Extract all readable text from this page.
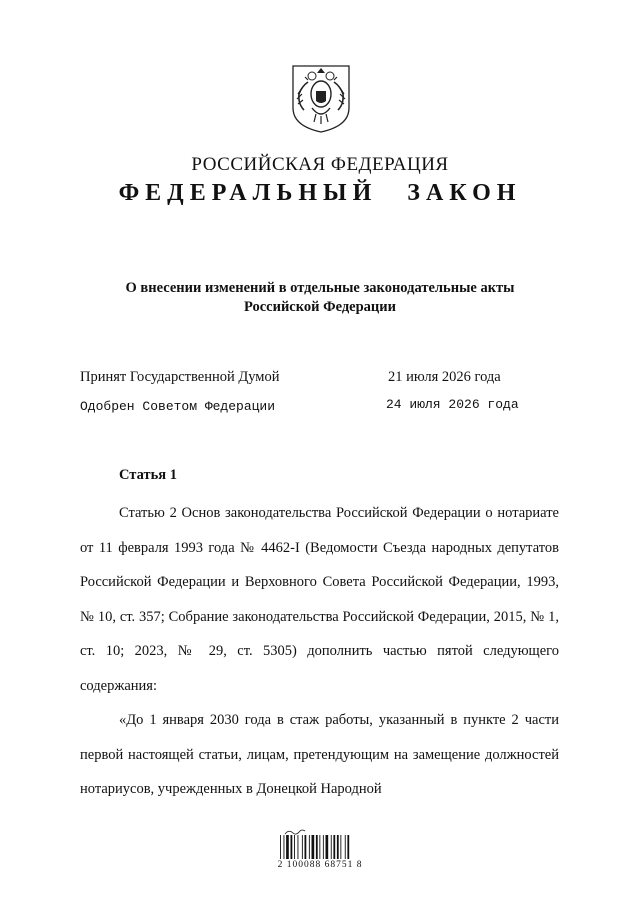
РОССИЙСКАЯ ФЕДЕРАЦИЯ
ФЕДЕРАЛЬНЫЙ ЗАКОН
О внесении изменений в отдельные законодательные акты Российской Федерации
Принят Государственной Думой	21 июля 2026 года
Одобрен Советом Федерации	24 июля 2026 года
Статья 1

Статью 2 Основ законодательства Российской Федерации о нотариате от 11 февраля 1993 года № 4462-I (Ведомости Съезда народных депутатов Российской Федерации и Верховного Совета Российской Федерации, 1993, № 10, ст. 357; Собрание законодательства Российской Федерации, 2015, № 1, ст. 10; 2023, № 29, ст. 5305) дополнить частью пятой следующего содержания:

«До 1 января 2030 года в стаж работы, указанный в пункте 2 части первой настоящей статьи, лицам, претендующим на замещение должностей нотариусов, учрежденных в Донецкой Народной

2 100088 68751 8
